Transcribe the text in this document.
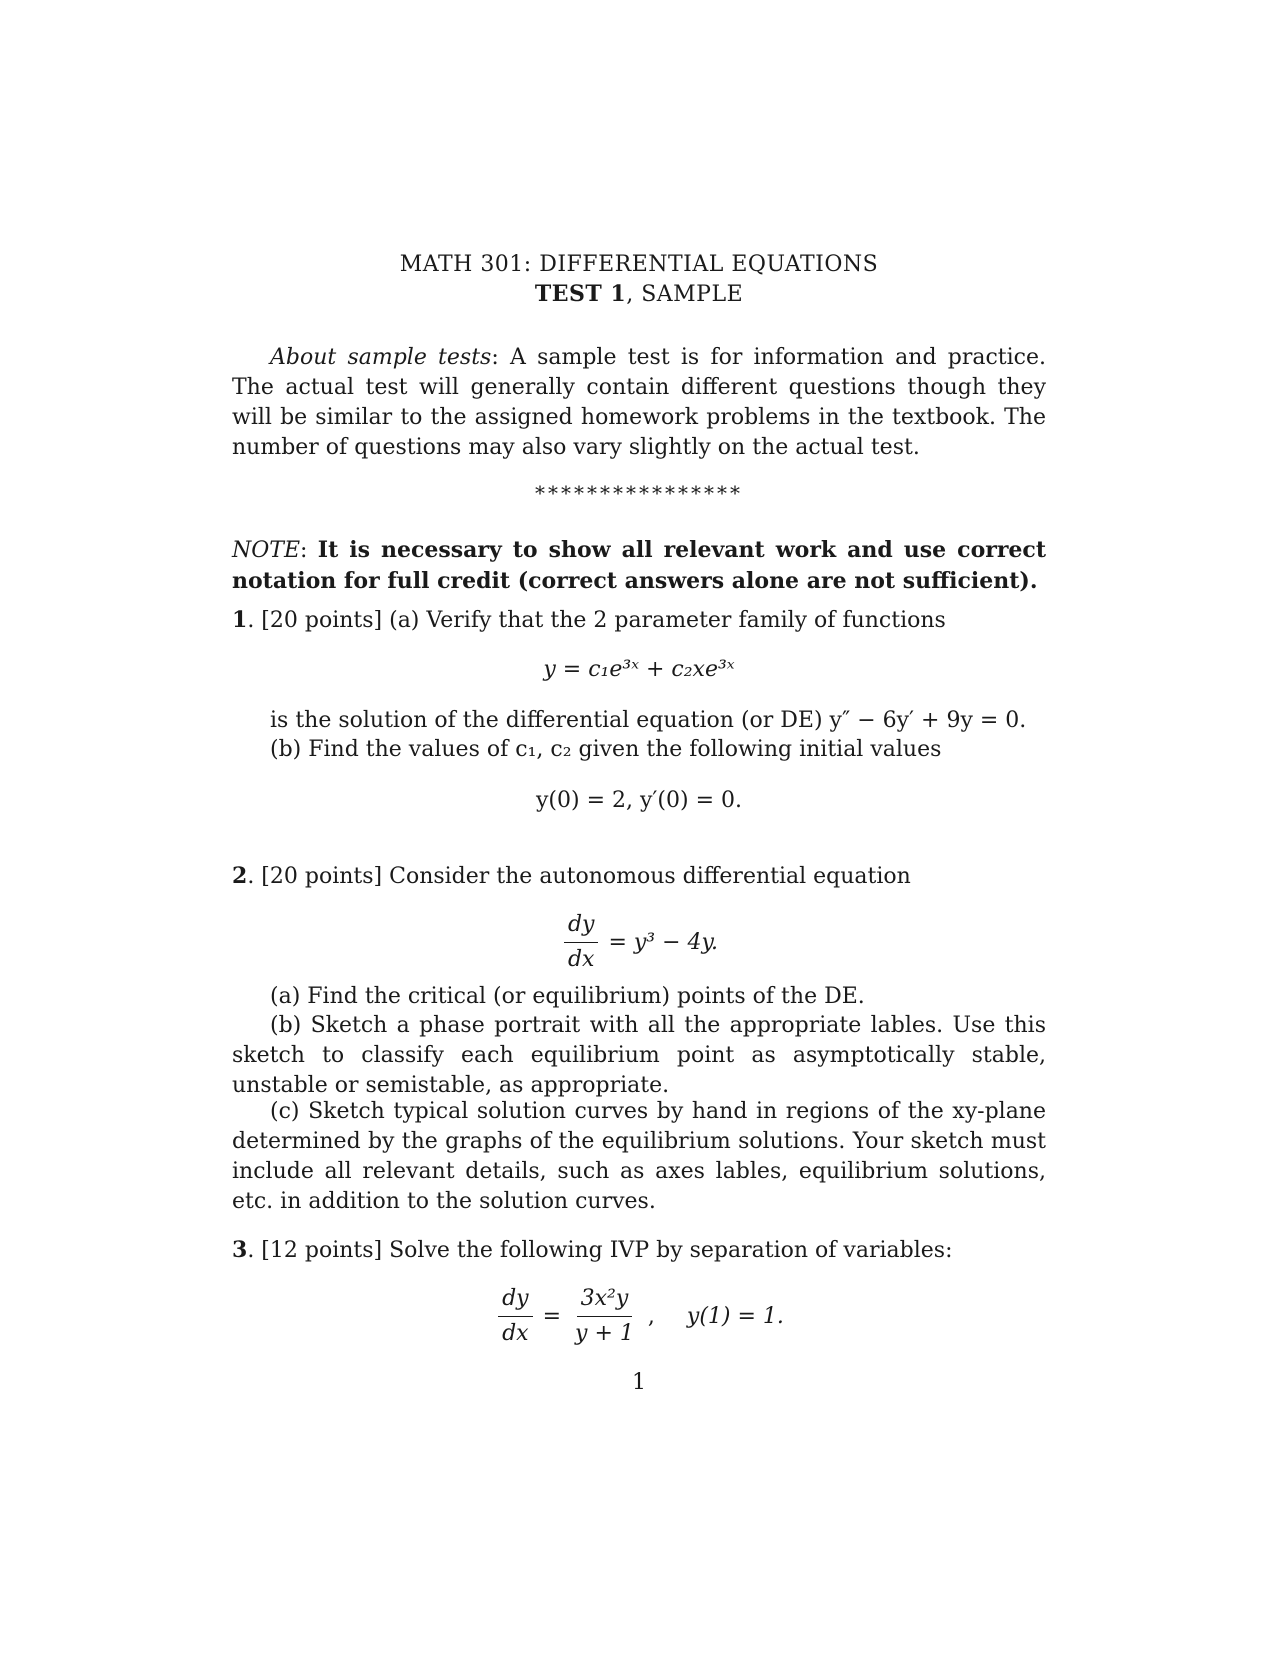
MATH 301: DIFFERENTIAL EQUATIONS
TEST 1, SAMPLE
About sample tests: A sample test is for information and practice. The actual test will generally contain different questions though they will be similar to the assigned homework problems in the textbook. The number of questions may also vary slightly on the actual test.
****************
NOTE: It is necessary to show all relevant work and use correct notation for full credit (correct answers alone are not sufficient).
1. [20 points] (a) Verify that the 2 parameter family of functions
y = c₁e³ˣ + c₂xe³ˣ
is the solution of the differential equation (or DE) y″ − 6y′ + 9y = 0.
(b) Find the values of c₁, c₂ given the following initial values
y(0) = 2, y′(0) = 0.
2. [20 points] Consider the autonomous differential equation
$\frac{dy}{dx} = y^3 - 4y$.
(a) Find the critical (or equilibrium) points of the DE.
(b) Sketch a phase portrait with all the appropriate lables. Use this sketch to classify each equilibrium point as asymptotically stable, unstable or semistable, as appropriate.
(c) Sketch typical solution curves by hand in regions of the xy-plane determined by the graphs of the equilibrium solutions. Your sketch must include all relevant details, such as axes lables, equilibrium solutions, etc. in addition to the solution curves.
3. [12 points] Solve the following IVP by separation of variables:
$\frac{dy}{dx} = \frac{\text{3x²y}}{y + 1}$ , y(1) = 1.
1
